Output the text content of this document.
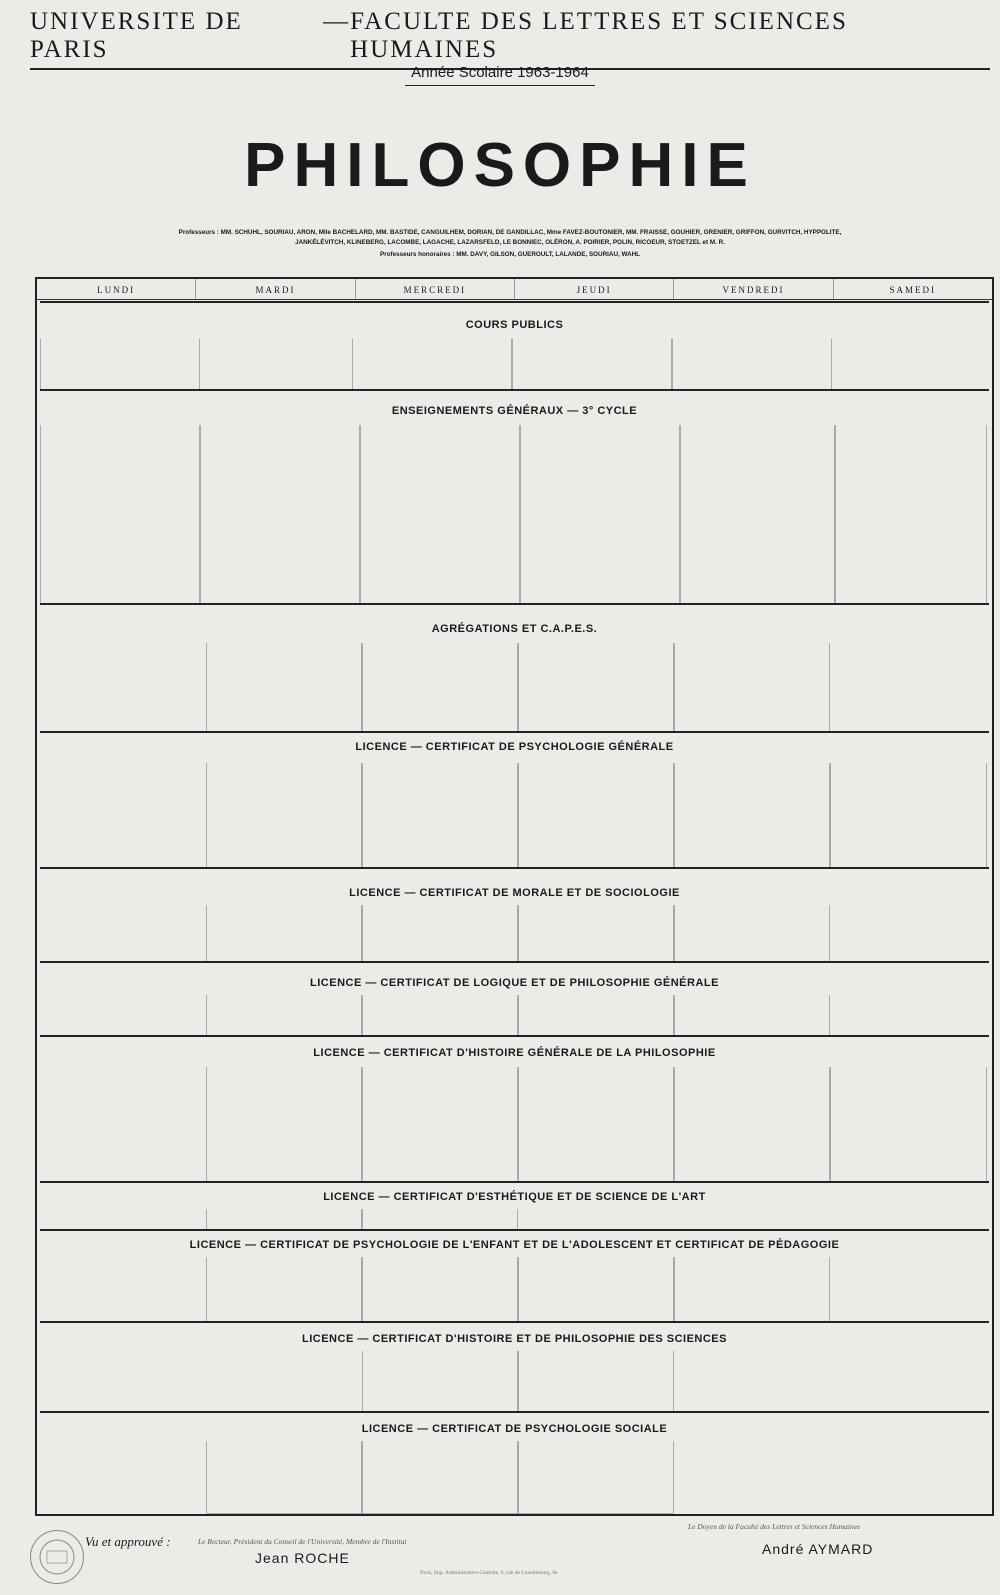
UNIVERSITE DE PARIS
— FACULTE DES LETTRES ET SCIENCES HUMAINES
Année Scolaire 1963-1964
PHILOSOPHIE
Professeurs : MM. SCHUHL, SOURIAU, ARON, Mlle BACHELARD, MM. BASTIDE, CANGUILHEM, DORIAN, DE GANDILLAC, Mme FAVEZ-BOUTONIER, MM. FRAISSE, GOUHIER, GRENIER, GRIFFON, GURVITCH, HYPPOLITE,
JANKÉLÉVITCH, KLINEBERG, LACOMBE, LAGACHE, LAZARSFELD, LE BONNIEC, OLÉRON, A. POIRIER, POLIN, RICOEUR, STOETZEL et M. R.
Professeurs honoraires : MM. DAVY, GILSON, GUEROULT, LALANDE, SOURIAU, WAHL
LUNDI	MARDI	MERCREDI	JEUDI	VENDREDI	SAMEDI
COURS PUBLICS
ENSEIGNEMENTS GÉNÉRAUX — 3° CYCLE
AGRÉGATIONS ET C.A.P.E.S.
LICENCE — CERTIFICAT DE PSYCHOLOGIE GÉNÉRALE
LICENCE — CERTIFICAT DE MORALE ET DE SOCIOLOGIE
LICENCE — CERTIFICAT DE LOGIQUE ET DE PHILOSOPHIE GÉNÉRALE
LICENCE — CERTIFICAT D'HISTOIRE GÉNÉRALE DE LA PHILOSOPHIE
LICENCE — CERTIFICAT D'ESTHÉTIQUE ET DE SCIENCE DE L'ART
LICENCE — CERTIFICAT DE PSYCHOLOGIE DE L'ENFANT ET DE L'ADOLESCENT ET CERTIFICAT DE PÉDAGOGIE
LICENCE — CERTIFICAT D'HISTOIRE ET DE PHILOSOPHIE DES SCIENCES
LICENCE — CERTIFICAT DE PSYCHOLOGIE SOCIALE
Vu et approuvé :	Le Recteur, Président du Conseil de l'Université, Membre de l'Institut
Jean ROCHE
Le Doyen de la Faculté des Lettres et Sciences Humaines
André AYMARD
Paris, Imp. Administrative Centrale, 6, rue de Luxembourg, 6e
